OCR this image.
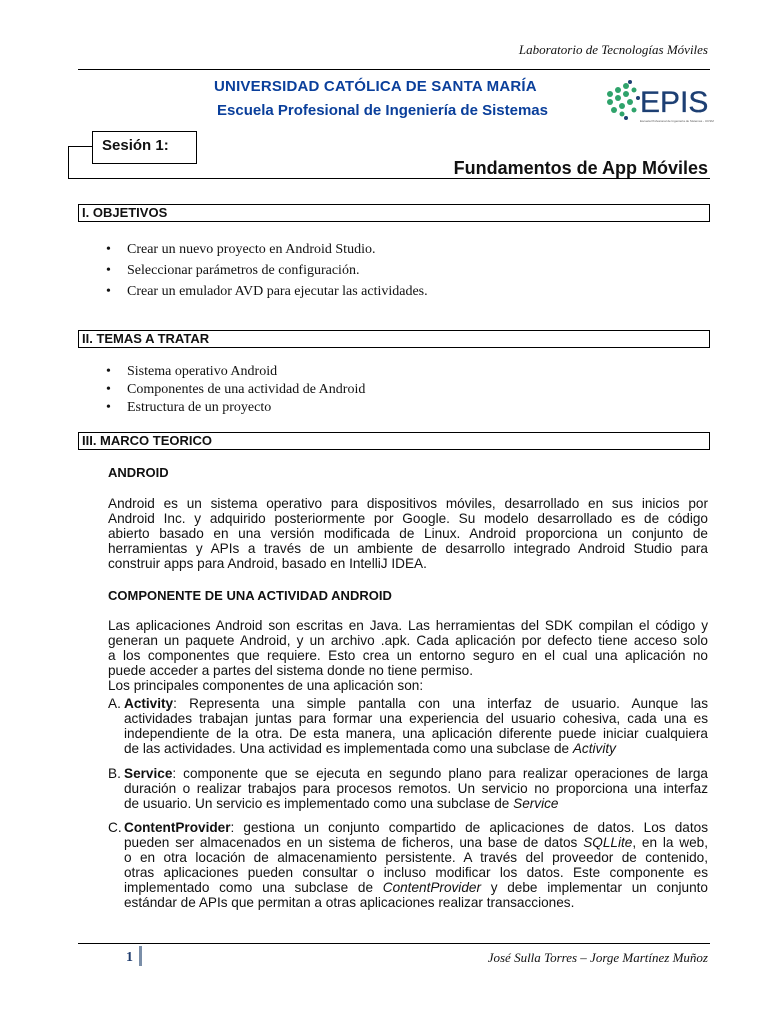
Laboratorio de Tecnologías Móviles
UNIVERSIDAD CATÓLICA DE SANTA MARÍA
Escuela Profesional de Ingeniería de Sistemas	EPIS
Escuela Profesional de Ingeniería de Sistemas - UCSM
Sesión 1:
Fundamentos de App Móviles
I. OBJETIVOS
• Crear un nuevo proyecto en Android Studio.
• Seleccionar parámetros de configuración.
• Crear un emulador AVD para ejecutar las actividades.
II. TEMAS A TRATAR
• Sistema operativo Android
• Componentes de una actividad de Android
• Estructura de un proyecto
III. MARCO TEORICO
ANDROID
Android es un sistema operativo para dispositivos móviles, desarrollado en sus inicios por
Android Inc. y adquirido posteriormente por Google. Su modelo desarrollado es de código
abierto basado en una versión modificada de Linux. Android proporciona un conjunto de
herramientas y APIs a través de un ambiente de desarrollo integrado Android Studio para
construir apps para Android, basado en IntelliJ IDEA.
COMPONENTE DE UNA ACTIVIDAD ANDROID
Las aplicaciones Android son escritas en Java. Las herramientas del SDK compilan el código y
generan un paquete Android, y un archivo .apk. Cada aplicación por defecto tiene acceso solo
a los componentes que requiere. Esto crea un entorno seguro en el cual una aplicación no
puede acceder a partes del sistema donde no tiene permiso.
Los principales componentes de una aplicación son:
A. Activity: Representa una simple pantalla con una interfaz de usuario. Aunque las
actividades trabajan juntas para formar una experiencia del usuario cohesiva, cada una es
independiente de la otra. De esta manera, una aplicación diferente puede iniciar cualquiera
de las actividades. Una actividad es implementada como una subclase de Activity
B. Service: componente que se ejecuta en segundo plano para realizar operaciones de larga
duración o realizar trabajos para procesos remotos. Un servicio no proporciona una interfaz
de usuario. Un servicio es implementado como una subclase de Service
C. ContentProvider: gestiona un conjunto compartido de aplicaciones de datos. Los datos
pueden ser almacenados en un sistema de ficheros, una base de datos SQLLite, en la web,
o en otra locación de almacenamiento persistente. A través del proveedor de contenido,
otras aplicaciones pueden consultar o incluso modificar los datos. Este componente es
implementado como una subclase de ContentProvider y debe implementar un conjunto
estándar de APIs que permitan a otras aplicaciones realizar transacciones.
1	José Sulla Torres – Jorge Martínez Muñoz
